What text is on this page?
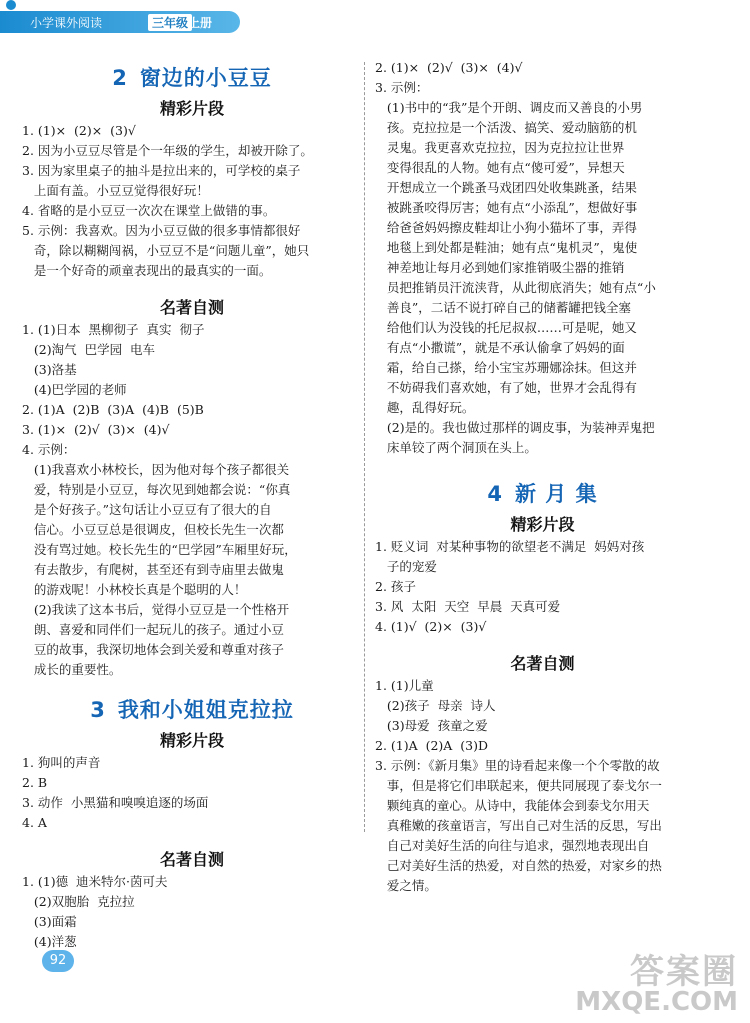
小学课外阅读	三年级 上册
2 窗边的小豆豆
精彩片段
1. (1)×  (2)×  (3)√
2. 因为小豆豆尽管是个一年级的学生，却被开除了。
3. 因为家里桌子的抽斗是拉出来的，可学校的桌子
上面有盖。小豆豆觉得很好玩！
4. 省略的是小豆豆一次次在课堂上做错的事。
5. 示例：我喜欢。因为小豆豆做的很多事情都很好
奇，除以糊糊闯祸，小豆豆不是“问题儿童”，她只
是一个好奇的顽童表现出的最真实的一面。
名著自测
1. (1)日本  黑柳彻子  真实  彻子
(2)淘气  巴学园  电车
(3)洛基
(4)巴学园的老师
2. (1)A  (2)B  (3)A  (4)B  (5)B
3. (1)×  (2)√  (3)×  (4)√
4. 示例：
(1)我喜欢小林校长，因为他对每个孩子都很关
爱，特别是小豆豆，每次见到她都会说：“你真
是个好孩子。”这句话让小豆豆有了很大的自
信心。小豆豆总是很调皮，但校长先生一次都
没有骂过她。校长先生的“巴学园”车厢里好玩，
有去散步，有爬树，甚至还有到寺庙里去做鬼
的游戏呢！小林校长真是个聪明的人！
(2)我读了这本书后，觉得小豆豆是一个性格开
朗、喜爱和同伴们一起玩儿的孩子。通过小豆
豆的故事，我深切地体会到关爱和尊重对孩子
成长的重要性。
3 我和小姐姐克拉拉
精彩片段
1. 狗叫的声音
2. B
3. 动作  小黑猫和嗅嗅追逐的场面
4. A
名著自测
1. (1)德  迪米特尔·茵可夫
(2)双胞胎  克拉拉
(3)面霜
(4)洋葱
2. (1)×  (2)√  (3)×  (4)√
3. 示例：
(1)书中的“我”是个开朗、调皮而又善良的小男
孩。克拉拉是一个活泼、搞笑、爱动脑筋的机
灵鬼。我更喜欢克拉拉，因为克拉拉让世界
变得很乱的人物。她有点“傻可爱”，异想天
开想成立一个跳蚤马戏团四处收集跳蚤，结果
被跳蚤咬得厉害；她有点“小添乱”，想做好事
给爸爸妈妈擦皮鞋却让小狗小猫坏了事，弄得
地毯上到处都是鞋油；她有点“鬼机灵”，鬼使
神差地让每月必到她们家推销吸尘器的推销
员把推销员汗流浃背，从此彻底消失；她有点“小
善良”，二话不说打碎自己的储蓄罐把钱全塞
给他们认为没钱的托尼叔叔……可是呢，她又
有点“小撒谎”，就是不承认偷拿了妈妈的面
霜，给自己搽，给小宝宝苏珊娜涂抹。但这并
不妨碍我们喜欢她，有了她，世界才会乱得有
趣，乱得好玩。
(2)是的。我也做过那样的调皮事，为装神弄鬼把
床单铰了两个洞顶在头上。
4 新 月 集
精彩片段
1. 贬义词  对某种事物的欲望老不满足  妈妈对孩
子的宠爱
2. 孩子
3. 风  太阳  天空  早晨  天真可爱
4. (1)√  (2)×  (3)√
名著自测
1. (1)儿童
(2)孩子  母亲  诗人
(3)母爱  孩童之爱
2. (1)A  (2)A  (3)D
3. 示例：《新月集》里的诗看起来像一个个零散的故
事，但是将它们串联起来，便共同展现了泰戈尔一
颗纯真的童心。从诗中，我能体会到泰戈尔用天
真稚嫩的孩童语言，写出自己对生活的反思，写出
自己对美好生活的向往与追求，强烈地表现出自
己对美好生活的热爱，对自然的热爱，对家乡的热
爱之情。
92	答案圈
MXQE.COM
